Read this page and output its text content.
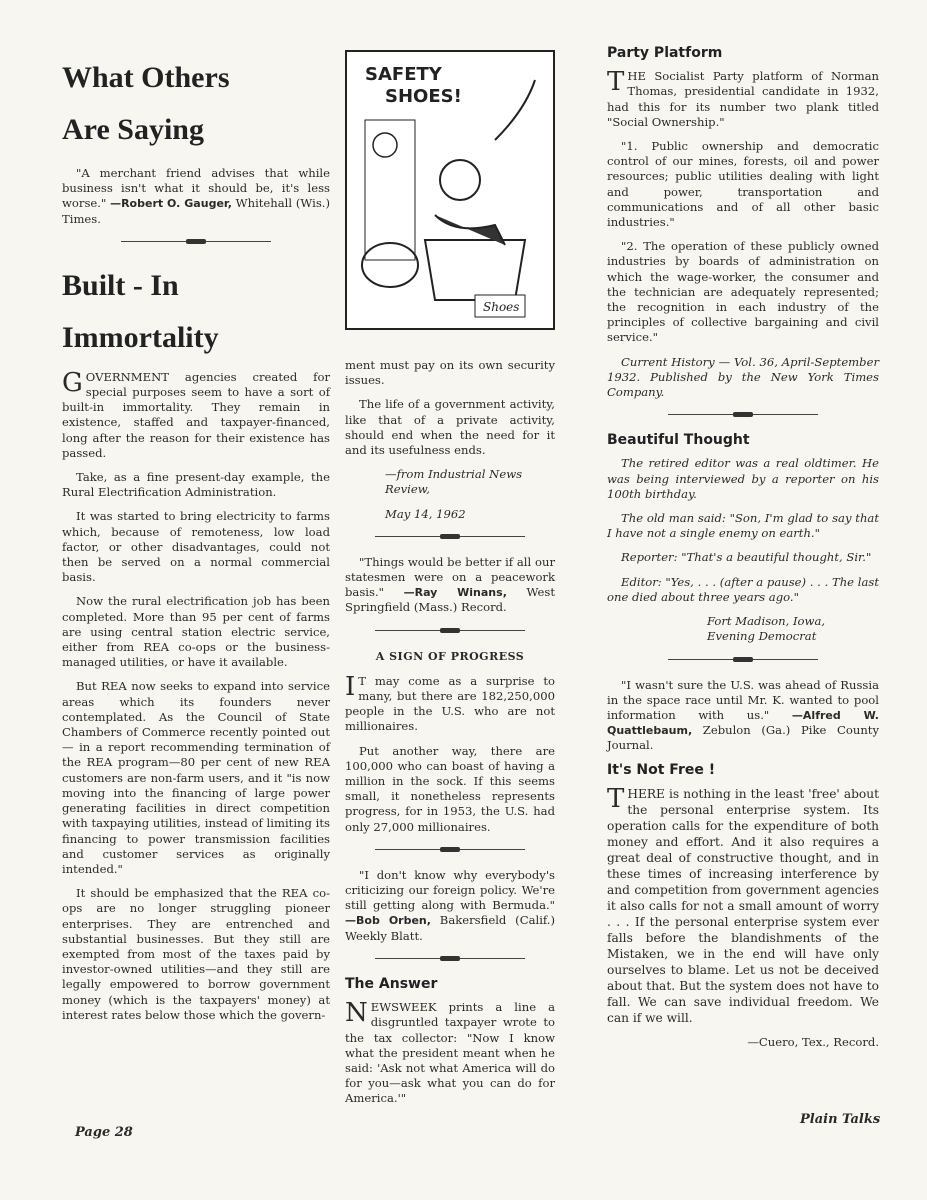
What Others
Are Saying

"A merchant friend advises that while business isn't what it should be, it's less worse." —Robert O. Gauger, Whitehall (Wis.) Times.

Built - In
Immortality

GOVERNMENT agencies created for special purposes seem to have a sort of built-in immortality. They remain in existence, staffed and taxpayer-financed, long after the reason for their existence has passed.

Take, as a fine present-day example, the Rural Electrification Administration.

It was started to bring electricity to farms which, because of remoteness, low load factor, or other disadvantages, could not then be served on a normal commercial basis.

Now the rural electrification job has been completed. More than 95 per cent of farms are using central station electric service, either from REA co-ops or the business-managed utilities, or have it available.

But REA now seeks to expand into service areas which its founders never contemplated. As the Council of State Chambers of Commerce recently pointed out — in a report recommending termination of the REA program—80 per cent of new REA customers are non-farm users, and it "is now moving into the financing of large power generating facilities in direct competition with taxpaying utilities, instead of limiting its financing to power transmission facilities and customer services as originally intended."

It should be emphasized that the REA co-ops are no longer struggling pioneer enterprises. They are entrenched and substantial businesses. But they still are exempted from most of the taxes paid by investor-owned utilities—and they still are legally empowered to borrow government money (which is the taxpayers' money) at interest rates below those which the govern-

Page 28
SAFETY
SHOES!
Shoes

ment must pay on its own security issues.

The life of a government activity, like that of a private activity, should end when the need for it and its usefulness ends.

—from Industrial News Review,
May 14, 1962

"Things would be better if all our statesmen were on a peacework basis." —Ray Winans, West Springfield (Mass.) Record.

A SIGN OF PROGRESS

I T may come as a surprise to many, but there are 182,250,000 people in the U.S. who are not millionaires.

Put another way, there are 100,000 who can boast of having a million in the sock. If this seems small, it nonetheless represents progress, for in 1953, the U.S. had only 27,000 millionaires.

"I don't know why everybody's criticizing our foreign policy. We're still getting along with Bermuda." —Bob Orben, Bakersfield (Calif.) Weekly Blatt.

The Answer

NEWSWEEK prints a line a disgruntled taxpayer wrote to the tax collector: "Now I know what the president meant when he said: 'Ask not what America will do for you—ask what you can do for America.'"

Party Platform

THE Socialist Party platform of Norman Thomas, presidential candidate in 1932, had this for its number two plank titled "Social Ownership."

"1. Public ownership and democratic control of our mines, forests, oil and power resources; public utilities dealing with light and power, transportation and communications and of all other basic industries."

"2. The operation of these publicly owned industries by boards of administration on which the wage-worker, the consumer and the technician are adequately represented; the recognition in each industry of the principles of collective bargaining and civil service."

Current History — Vol. 36, April-September 1932. Published by the New York Times Company.

Beautiful Thought

The retired editor was a real oldtimer. He was being interviewed by a reporter on his 100th birthday.

The old man said: "Son, I'm glad to say that I have not a single enemy on earth."

Reporter: "That's a beautiful thought, Sir."

Editor: "Yes, . . . (after a pause) . . . The last one died about three years ago."

Fort Madison, Iowa,
Evening Democrat

"I wasn't sure the U.S. was ahead of Russia in the space race until Mr. K. wanted to pool information with us." —Alfred W. Quattlebaum, Zebulon (Ga.) Pike County Journal.

It's Not Free !

THERE is nothing in the least 'free' about the personal enterprise system. Its operation calls for the expenditure of both money and effort. And it also requires a great deal of constructive thought, and in these times of increasing interference by and competition from government agencies it also calls for not a small amount of worry . . . If the personal enterprise system ever falls before the blandishments of the Mistaken, we in the end will have only ourselves to blame. Let us not be deceived about that. But the system does not have to fall. We can save individual freedom. We can if we will.

—Cuero, Tex., Record.
Plain Talks
